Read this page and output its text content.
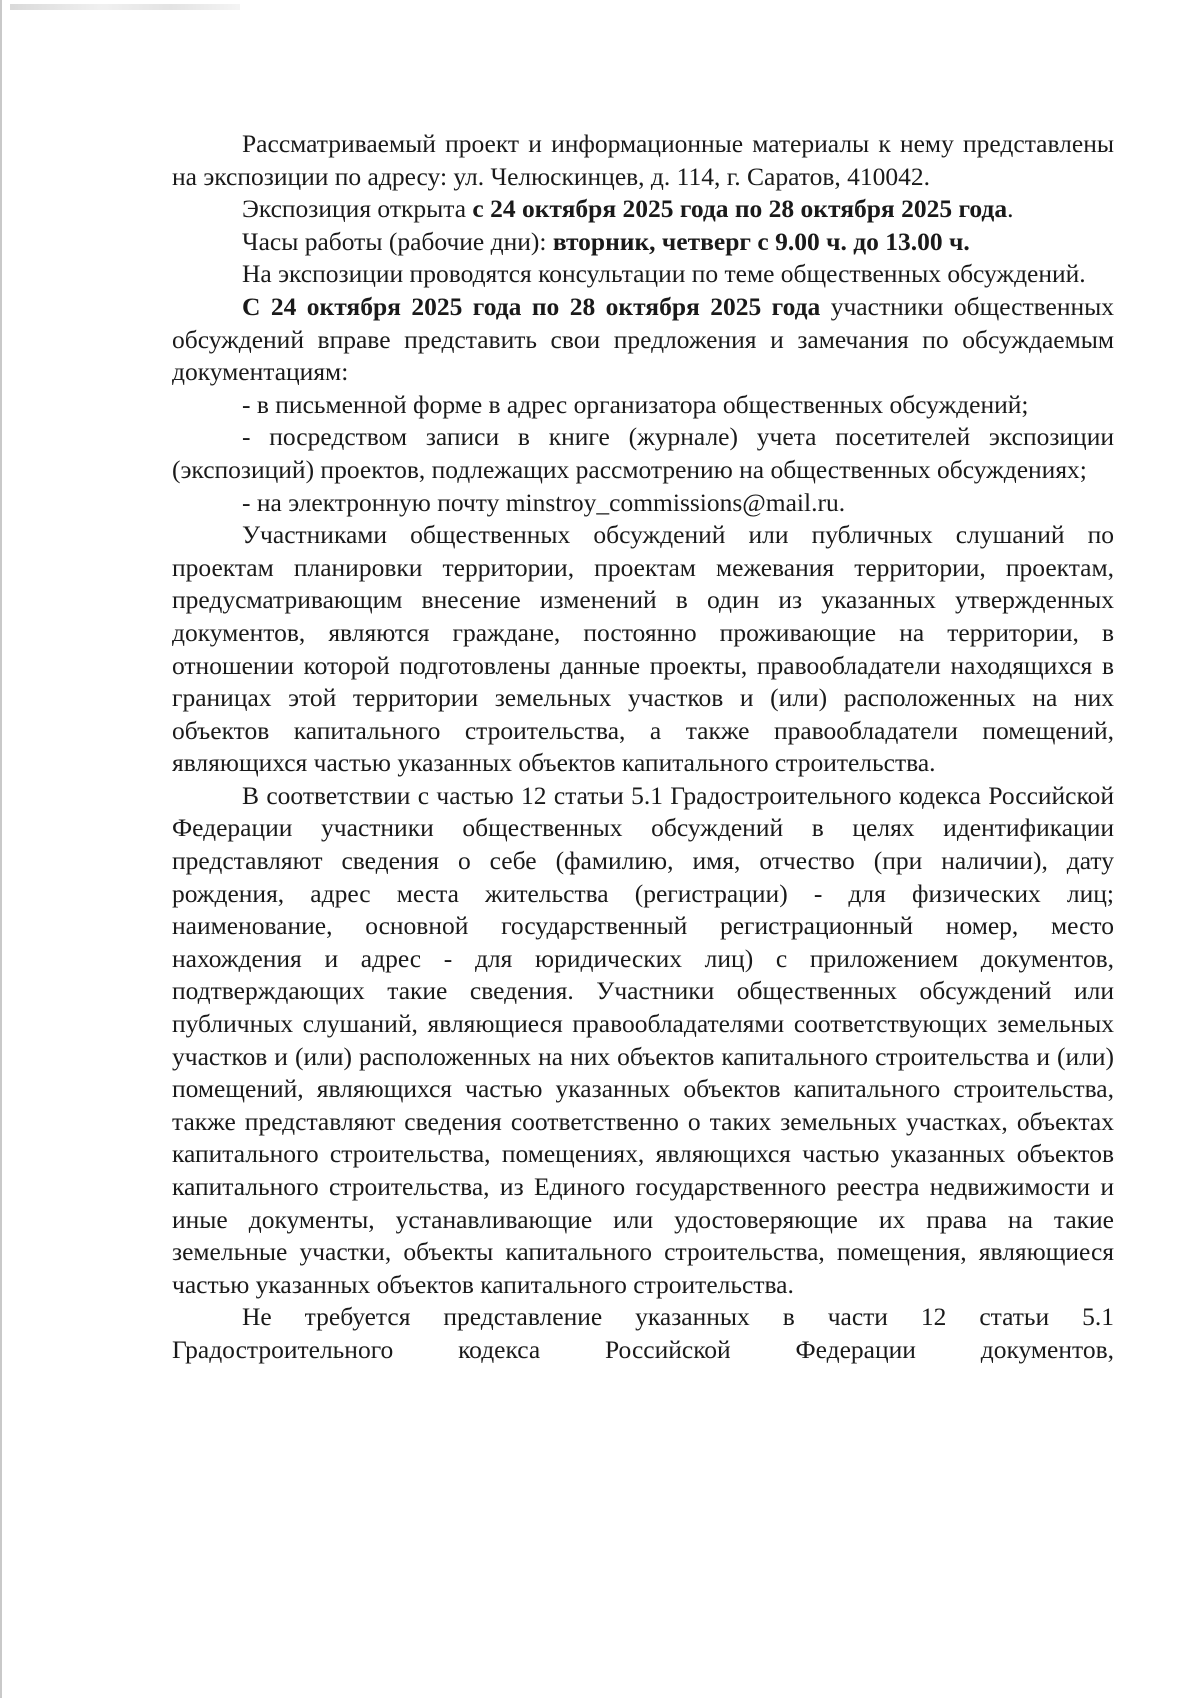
Рассматриваемый проект и информационные материалы к нему представлены на экспозиции по адресу: ул. Челюскинцев, д. 114, г. Саратов, 410042.

Экспозиция открыта с 24 октября 2025 года по 28 октября 2025 года.

Часы работы (рабочие дни): вторник, четверг с 9.00 ч. до 13.00 ч.

На экспозиции проводятся консультации по теме общественных обсуждений.

С 24 октября 2025 года по 28 октября 2025 года участники общественных обсуждений вправе представить свои предложения и замечания по обсуждаемым документациям:

- в письменной форме в адрес организатора общественных обсуждений;

- посредством записи в книге (журнале) учета посетителей экспозиции (экспозиций) проектов, подлежащих рассмотрению на общественных обсуждениях;

- на электронную почту minstroy_commissions@mail.ru.

Участниками общественных обсуждений или публичных слушаний по проектам планировки территории, проектам межевания территории, проектам, предусматривающим внесение изменений в один из указанных утвержденных документов, являются граждане, постоянно проживающие на территории, в отношении которой подготовлены данные проекты, правообладатели находящихся в границах этой территории земельных участков и (или) расположенных на них объектов капитального строительства, а также правообладатели помещений, являющихся частью указанных объектов капитального строительства.

В соответствии с частью 12 статьи 5.1 Градостроительного кодекса Российской Федерации участники общественных обсуждений в целях идентификации представляют сведения о себе (фамилию, имя, отчество (при наличии), дату рождения, адрес места жительства (регистрации) - для физических лиц; наименование, основной государственный регистрационный номер, место нахождения и адрес - для юридических лиц) с приложением документов, подтверждающих такие сведения. Участники общественных обсуждений или публичных слушаний, являющиеся правообладателями соответствующих земельных участков и (или) расположенных на них объектов капитального строительства и (или) помещений, являющихся частью указанных объектов капитального строительства, также представляют сведения соответственно о таких земельных участках, объектах капитального строительства, помещениях, являющихся частью указанных объектов капитального строительства, из Единого государственного реестра недвижимости и иные документы, устанавливающие или удостоверяющие их права на такие земельные участки, объекты капитального строительства, помещения, являющиеся частью указанных объектов капитального строительства.

Не требуется представление указанных в части 12 статьи 5.1 Градостроительного кодекса Российской Федерации документов,
